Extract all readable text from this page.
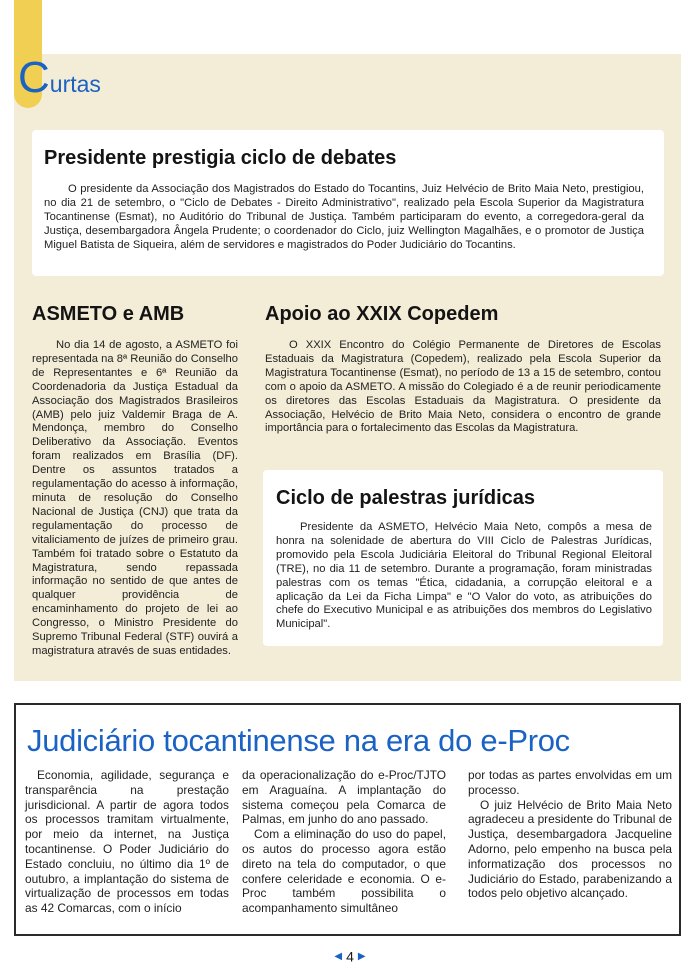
Curtas
Presidente prestigia ciclo de debates

O presidente da Associação dos Magistrados do Estado do Tocantins, Juiz Helvécio de Brito Maia Neto, prestigiou, no dia 21 de setembro, o "Ciclo de Debates - Direito Administrativo", realizado pela Escola Superior da Magistratura Tocantinense (Esmat), no Auditório do Tribunal de Justiça. Também participaram do evento, a corregedora-geral da Justiça, desembargadora Ângela Prudente; o coordenador do Ciclo, juiz Wellington Magalhães, e o promotor de Justiça Miguel Batista de Siqueira, além de servidores e magistrados do Poder Judiciário do Tocantins.

ASMETO e AMB

No dia 14 de agosto, a ASMETO foi representada na 8ª Reunião do Conselho de Representantes e 6ª Reunião da Coordenadoria da Justiça Estadual da Associação dos Magistrados Brasileiros (AMB) pelo juiz Valdemir Braga de A. Mendonça, membro do Conselho Deliberativo da Associação. Eventos foram realizados em Brasília (DF). Dentre os assuntos tratados a regulamentação do acesso à informação, minuta de resolução do Conselho Nacional de Justiça (CNJ) que trata da regulamentação do processo de vitaliciamento de juízes de primeiro grau. Também foi tratado sobre o Estatuto da Magistratura, sendo repassada informação no sentido de que antes de qualquer providência de encaminhamento do projeto de lei ao Congresso, o Ministro Presidente do Supremo Tribunal Federal (STF) ouvirá a magistratura através de suas entidades.

Apoio ao XXIX Copedem

O XXIX Encontro do Colégio Permanente de Diretores de Escolas Estaduais da Magistratura (Copedem), realizado pela Escola Superior da Magistratura Tocantinense (Esmat), no período de 13 a 15 de setembro, contou com o apoio da ASMETO. A missão do Colegiado é a de reunir periodicamente os diretores das Escolas Estaduais da Magistratura. O presidente da Associação, Helvécio de Brito Maia Neto, considera o encontro de grande importância para o fortalecimento das Escolas da Magistratura.

Ciclo de palestras jurídicas

Presidente da ASMETO, Helvécio Maia Neto, compôs a mesa de honra na solenidade de abertura do VIII Ciclo de Palestras Jurídicas, promovido pela Escola Judiciária Eleitoral do Tribunal Regional Eleitoral (TRE), no dia 11 de setembro. Durante a programação, foram ministradas palestras com os temas "Ética, cidadania, a corrupção eleitoral e a aplicação da Lei da Ficha Limpa" e "O Valor do voto, as atribuições do chefe do Executivo Municipal e as atribuições dos membros do Legislativo Municipal".

Judiciário tocantinense na era do e-Proc

Economia, agilidade, segurança e transparência na prestação jurisdicional. A partir de agora todos os processos tramitam virtualmente, por meio da internet, na Justiça tocantinense. O Poder Judiciário do Estado concluiu, no último dia 1º de outubro, a implantação do sistema de virtualização de processos em todas as 42 Comarcas, com o início

da operacionalização do e-Proc/TJTO em Araguaína. A implantação do sistema começou pela Comarca de Palmas, em junho do ano passado.

Com a eliminação do uso do papel, os autos do processo agora estão direto na tela do computador, o que confere celeridade e economia. O e-Proc também possibilita o acompanhamento simultâneo

por todas as partes envolvidas em um processo.

O juiz Helvécio de Brito Maia Neto agradeceu a presidente do Tribunal de Justiça, desembargadora Jacqueline Adorno, pelo empenho na busca pela informatização dos processos no Judiciário do Estado, parabenizando a todos pelo objetivo alcançado.

◀ 4 ▶
